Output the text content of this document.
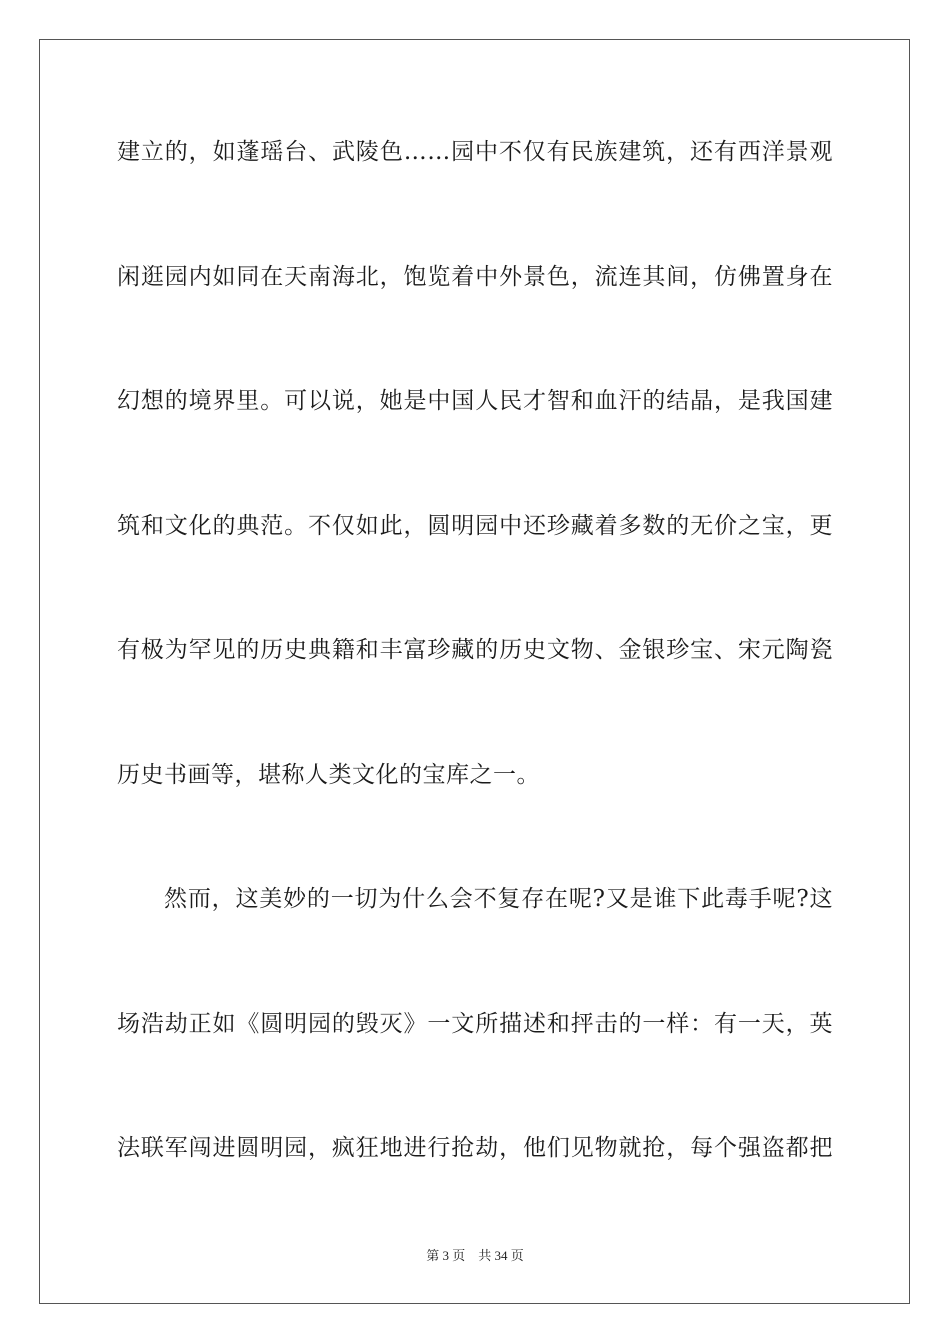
建立的，如蓬瑶台、武陵色……园中不仅有民族建筑，还有西洋景观
闲逛园内如同在天南海北，饱览着中外景色，流连其间，仿佛置身在
幻想的境界里。可以说，她是中国人民才智和血汗的结晶，是我国建
筑和文化的典范。不仅如此，圆明园中还珍藏着多数的无价之宝，更
有极为罕见的历史典籍和丰富珍藏的历史文物、金银珍宝、宋元陶瓷
历史书画等，堪称人类文化的宝库之一。
然而，这美妙的一切为什么会不复存在呢?又是谁下此毒手呢?这
场浩劫正如《圆明园的毁灭》一文所描述和抨击的一样：有一天，英
法联军闯进圆明园，疯狂地进行抢劫，他们见物就抢，每个强盗都把
第 3 页    共 34 页
